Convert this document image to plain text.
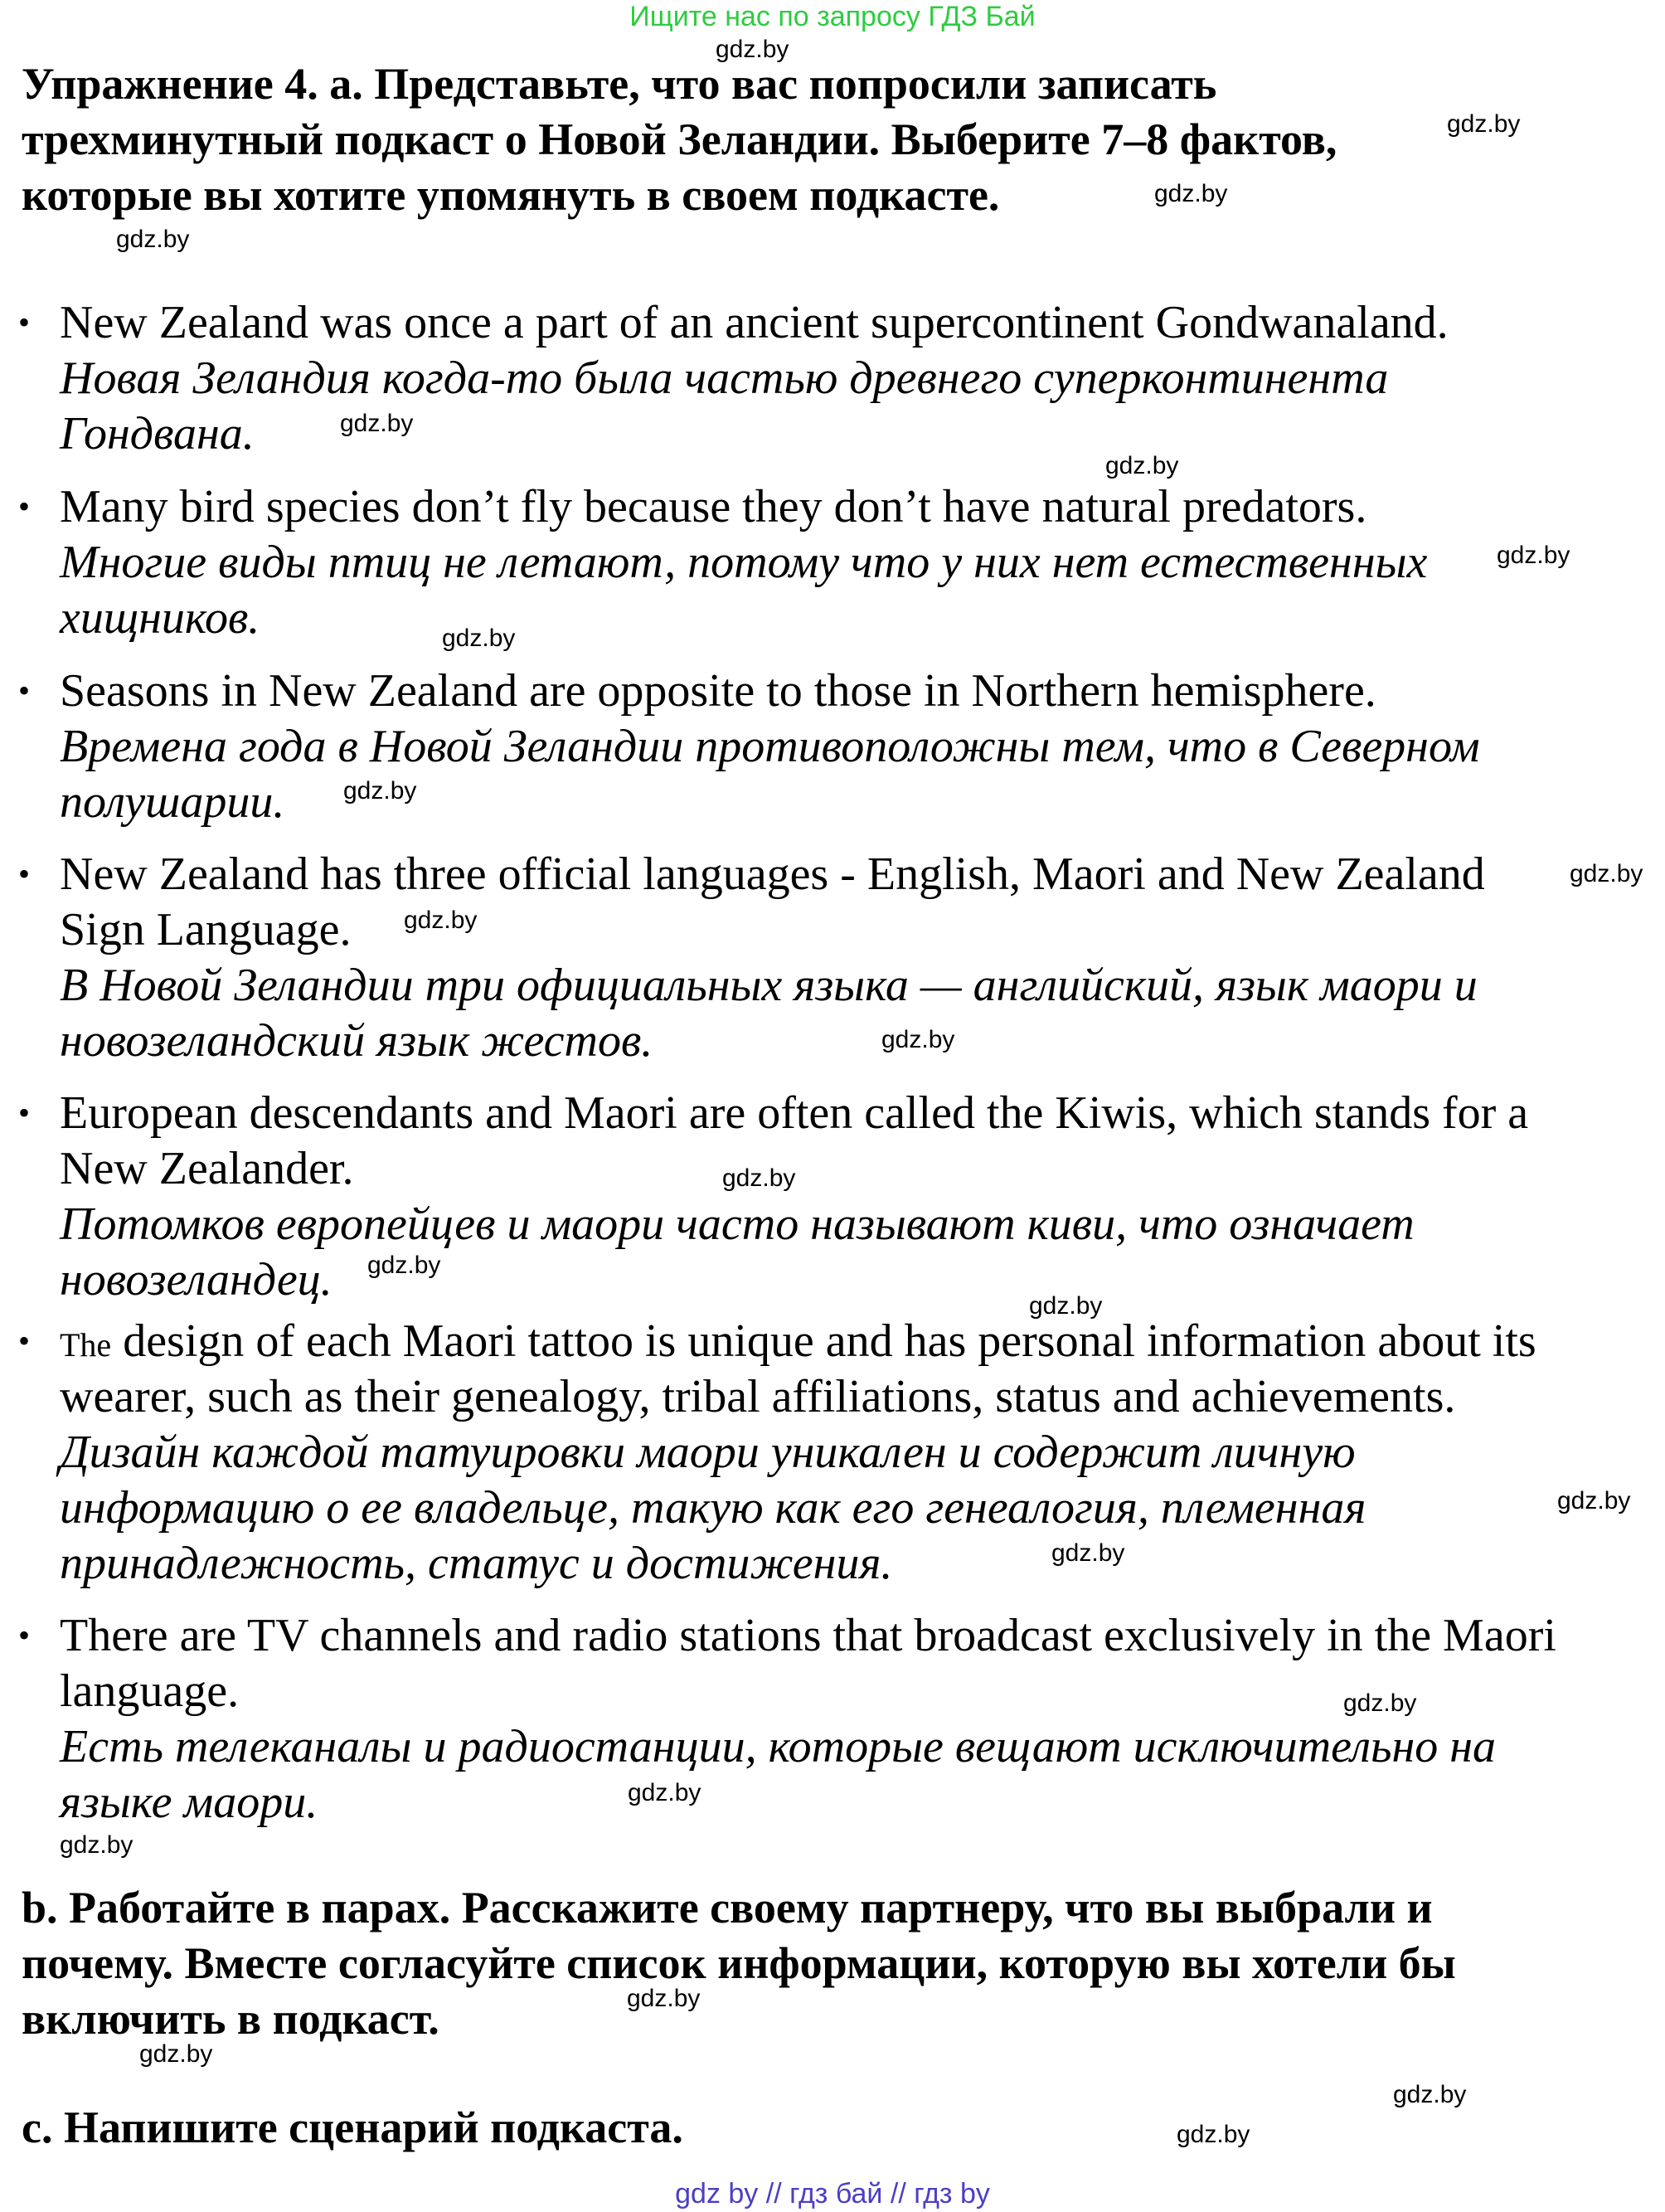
Ищите нас по запросу ГДЗ Бай
Упражнение 4. а. Представьте, что вас попросили записать
трехминутный подкаст о Новой Зеландии. Выберите 7–8 фактов,
которые вы хотите упомянуть в своем подкасте.
• New Zealand was once a part of an ancient supercontinent Gondwanaland.
Новая Зеландия когда-то была частью древнего суперконтинента
Гондвана.
• Many bird species don’t fly because they don’t have natural predators.
Многие виды птиц не летают, потому что у них нет естественных
хищников.
• Seasons in New Zealand are opposite to those in Northern hemisphere.
Времена года в Новой Зеландии противоположны тем, что в Северном
полушарии.
• New Zealand has three official languages - English, Maori and New Zealand
Sign Language.
В Новой Зеландии три официальных языка — английский, язык маори и
новозеландский язык жестов.
• European descendants and Maori are often called the Kiwis, which stands for a
New Zealander.
Потомков европейцев и маори часто называют киви, что означает
новозеландец.
• The design of each Maori tattoo is unique and has personal information about its
wearer, such as their genealogy, tribal affiliations, status and achievements.
Дизайн каждой татуировки маори уникален и содержит личную
информацию о ее владельце, такую как его генеалогия, племенная
принадлежность, статус и достижения.
• There are TV channels and radio stations that broadcast exclusively in the Maori
language.
Есть телеканалы и радиостанции, которые вещают исключительно на
языке маори.
b. Работайте в парах. Расскажите своему партнеру, что вы выбрали и
почему. Вместе согласуйте список информации, которую вы хотели бы
включить в подкаст.
c. Напишите сценарий подкаста.
gdz.by
gdz.by
gdz.by
gdz.by
gdz.by
gdz.by
gdz.by
gdz.by
gdz.by
gdz.by
gdz.by
gdz.by
gdz.by
gdz.by
gdz.by
gdz.by
gdz.by
gdz.by
gdz.by
gdz.by
gdz.by
gdz.by
gdz.by
gdz.by
gdz by // гдз бай // гдз by
